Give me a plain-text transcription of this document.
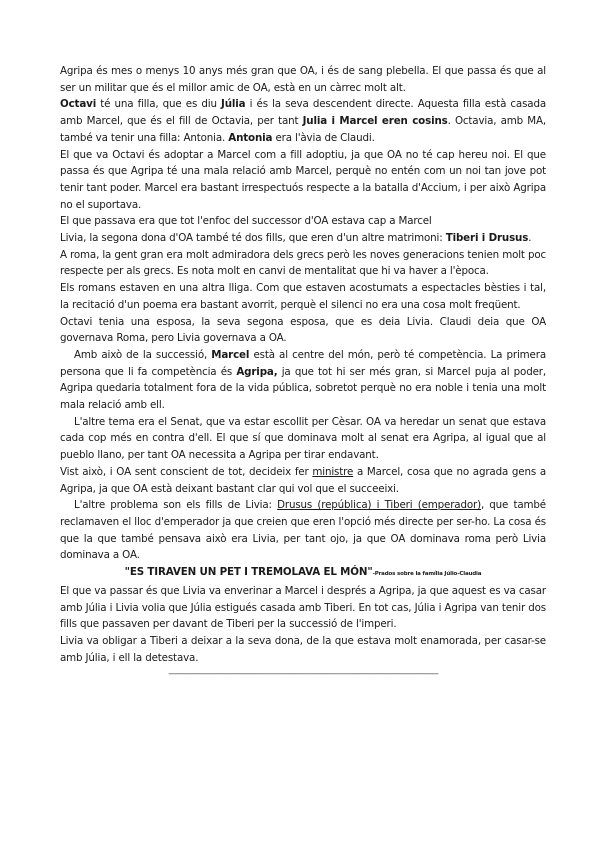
Agripa és mes o menys 10 anys més gran que OA, i és de sang plebella. El que passa és que al ser un militar que és el millor amic de OA, està en un càrrec molt alt.

Octavi té una filla, que es diu Júlia i és la seva descendent directe. Aquesta filla està casada amb Marcel, que és el fill de Octavia, per tant Julia i Marcel eren cosins. Octavia, amb MA, també va tenir una filla: Antonia. Antonia era l'àvia de Claudi.

El que va Octavi és adoptar a Marcel com a fill adoptiu, ja que OA no té cap hereu noi. El que passa és que Agripa té una mala relació amb Marcel, perquè no entén com un noi tan jove pot tenir tant poder. Marcel era bastant irrespectuós respecte a la batalla d'Accium, i per això Agripa no el suportava.

El que passava era que tot l'enfoc del successor d'OA estava cap a Marcel

Livia, la segona dona d'OA també té dos fills, que eren d'un altre matrimoni: Tiberi i Drusus.

A roma, la gent gran era molt admiradora dels grecs però les noves generacions tenien molt poc respecte per als grecs. Es nota molt en canvi de mentalitat que hi va haver a l'època.

Els romans estaven en una altra lliga. Com que estaven acostumats a espectacles bèsties i tal, la recitació d'un poema era bastant avorrit, perquè el silenci no era una cosa molt freqüent.

Octavi tenia una esposa, la seva segona esposa, que es deia Livia. Claudi deia que OA governava Roma, pero Livia governava a OA.

Amb això de la successió, Marcel està al centre del món, però té competència. La primera persona que li fa competència és Agripa, ja que tot hi ser més gran, si Marcel puja al poder, Agripa quedaria totalment fora de la vida pública, sobretot perquè no era noble i tenia una molt mala relació amb ell.

L'altre tema era el Senat, que va estar escollit per Cèsar. OA va heredar un senat que estava cada cop més en contra d'ell. El que sí que dominava molt al senat era Agripa, al igual que al pueblo llano, per tant OA necessita a Agripa per tirar endavant.

Vist això, i OA sent conscient de tot, decideix fer ministre a Marcel, cosa que no agrada gens a Agripa, ja que OA està deixant bastant clar qui vol que el succeeixi.

L'altre problema son els fills de Livia: Drusus (república) i Tiberi (emperador), que també reclamaven el lloc d'emperador ja que creien que eren l'opció més directe per ser-ho. La cosa és que la que també pensava això era Livia, per tant ojo, ja que OA dominava roma però Livia dominava a OA.

"ES TIRAVEN UN PET I TREMOLAVA EL MÓN"-Prados sobre la família Júlio-Claudia

El que va passar és que Livia va enverinar a Marcel i després a Agripa, ja que aquest es va casar amb Júlia i Livia volia que Júlia estigués casada amb Tiberi. En tot cas, Júlia i Agripa van tenir dos fills que passaven per davant de Tiberi per la successió de l'imperi.

Livia va obligar a Tiberi a deixar a la seva dona, de la que estava molt enamorada, per casar-se amb Júlia, i ell la detestava.

------------------------------------------------------------------------------------------------------------------------
